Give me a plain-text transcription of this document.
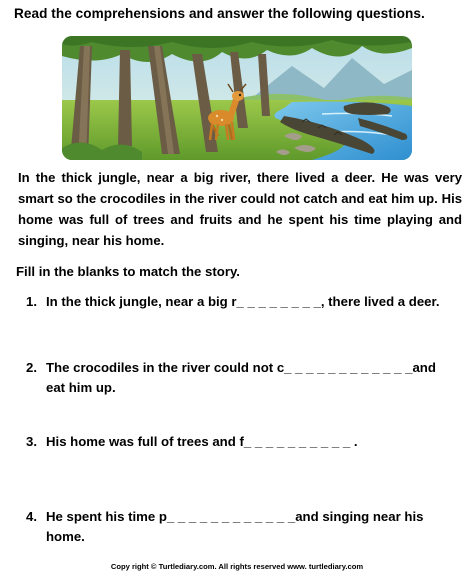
Read the comprehensions and answer the following questions.
In the thick jungle, near a big river, there lived a deer. He was very smart so the crocodiles in the river could not catch and eat him up. His home was full of trees and fruits and he spent his time playing and singing, near his home.
Fill in the blanks to match the story.
1. In the thick jungle, near a big r_ _ _ _ _ _ _ _, there lived a deer.
2. The crocodiles in the river could not c_ _ _ _ _ _ _ _ _ _ _ _and eat him up.
3. His home was full of trees and f_ _ _ _ _ _ _ _ _ _ .
4. He spent his time p_ _ _ _ _ _ _ _ _ _ _ _and singing near his home.
Copy right © Turtlediary.com. All rights reserved www. turtlediary.com
